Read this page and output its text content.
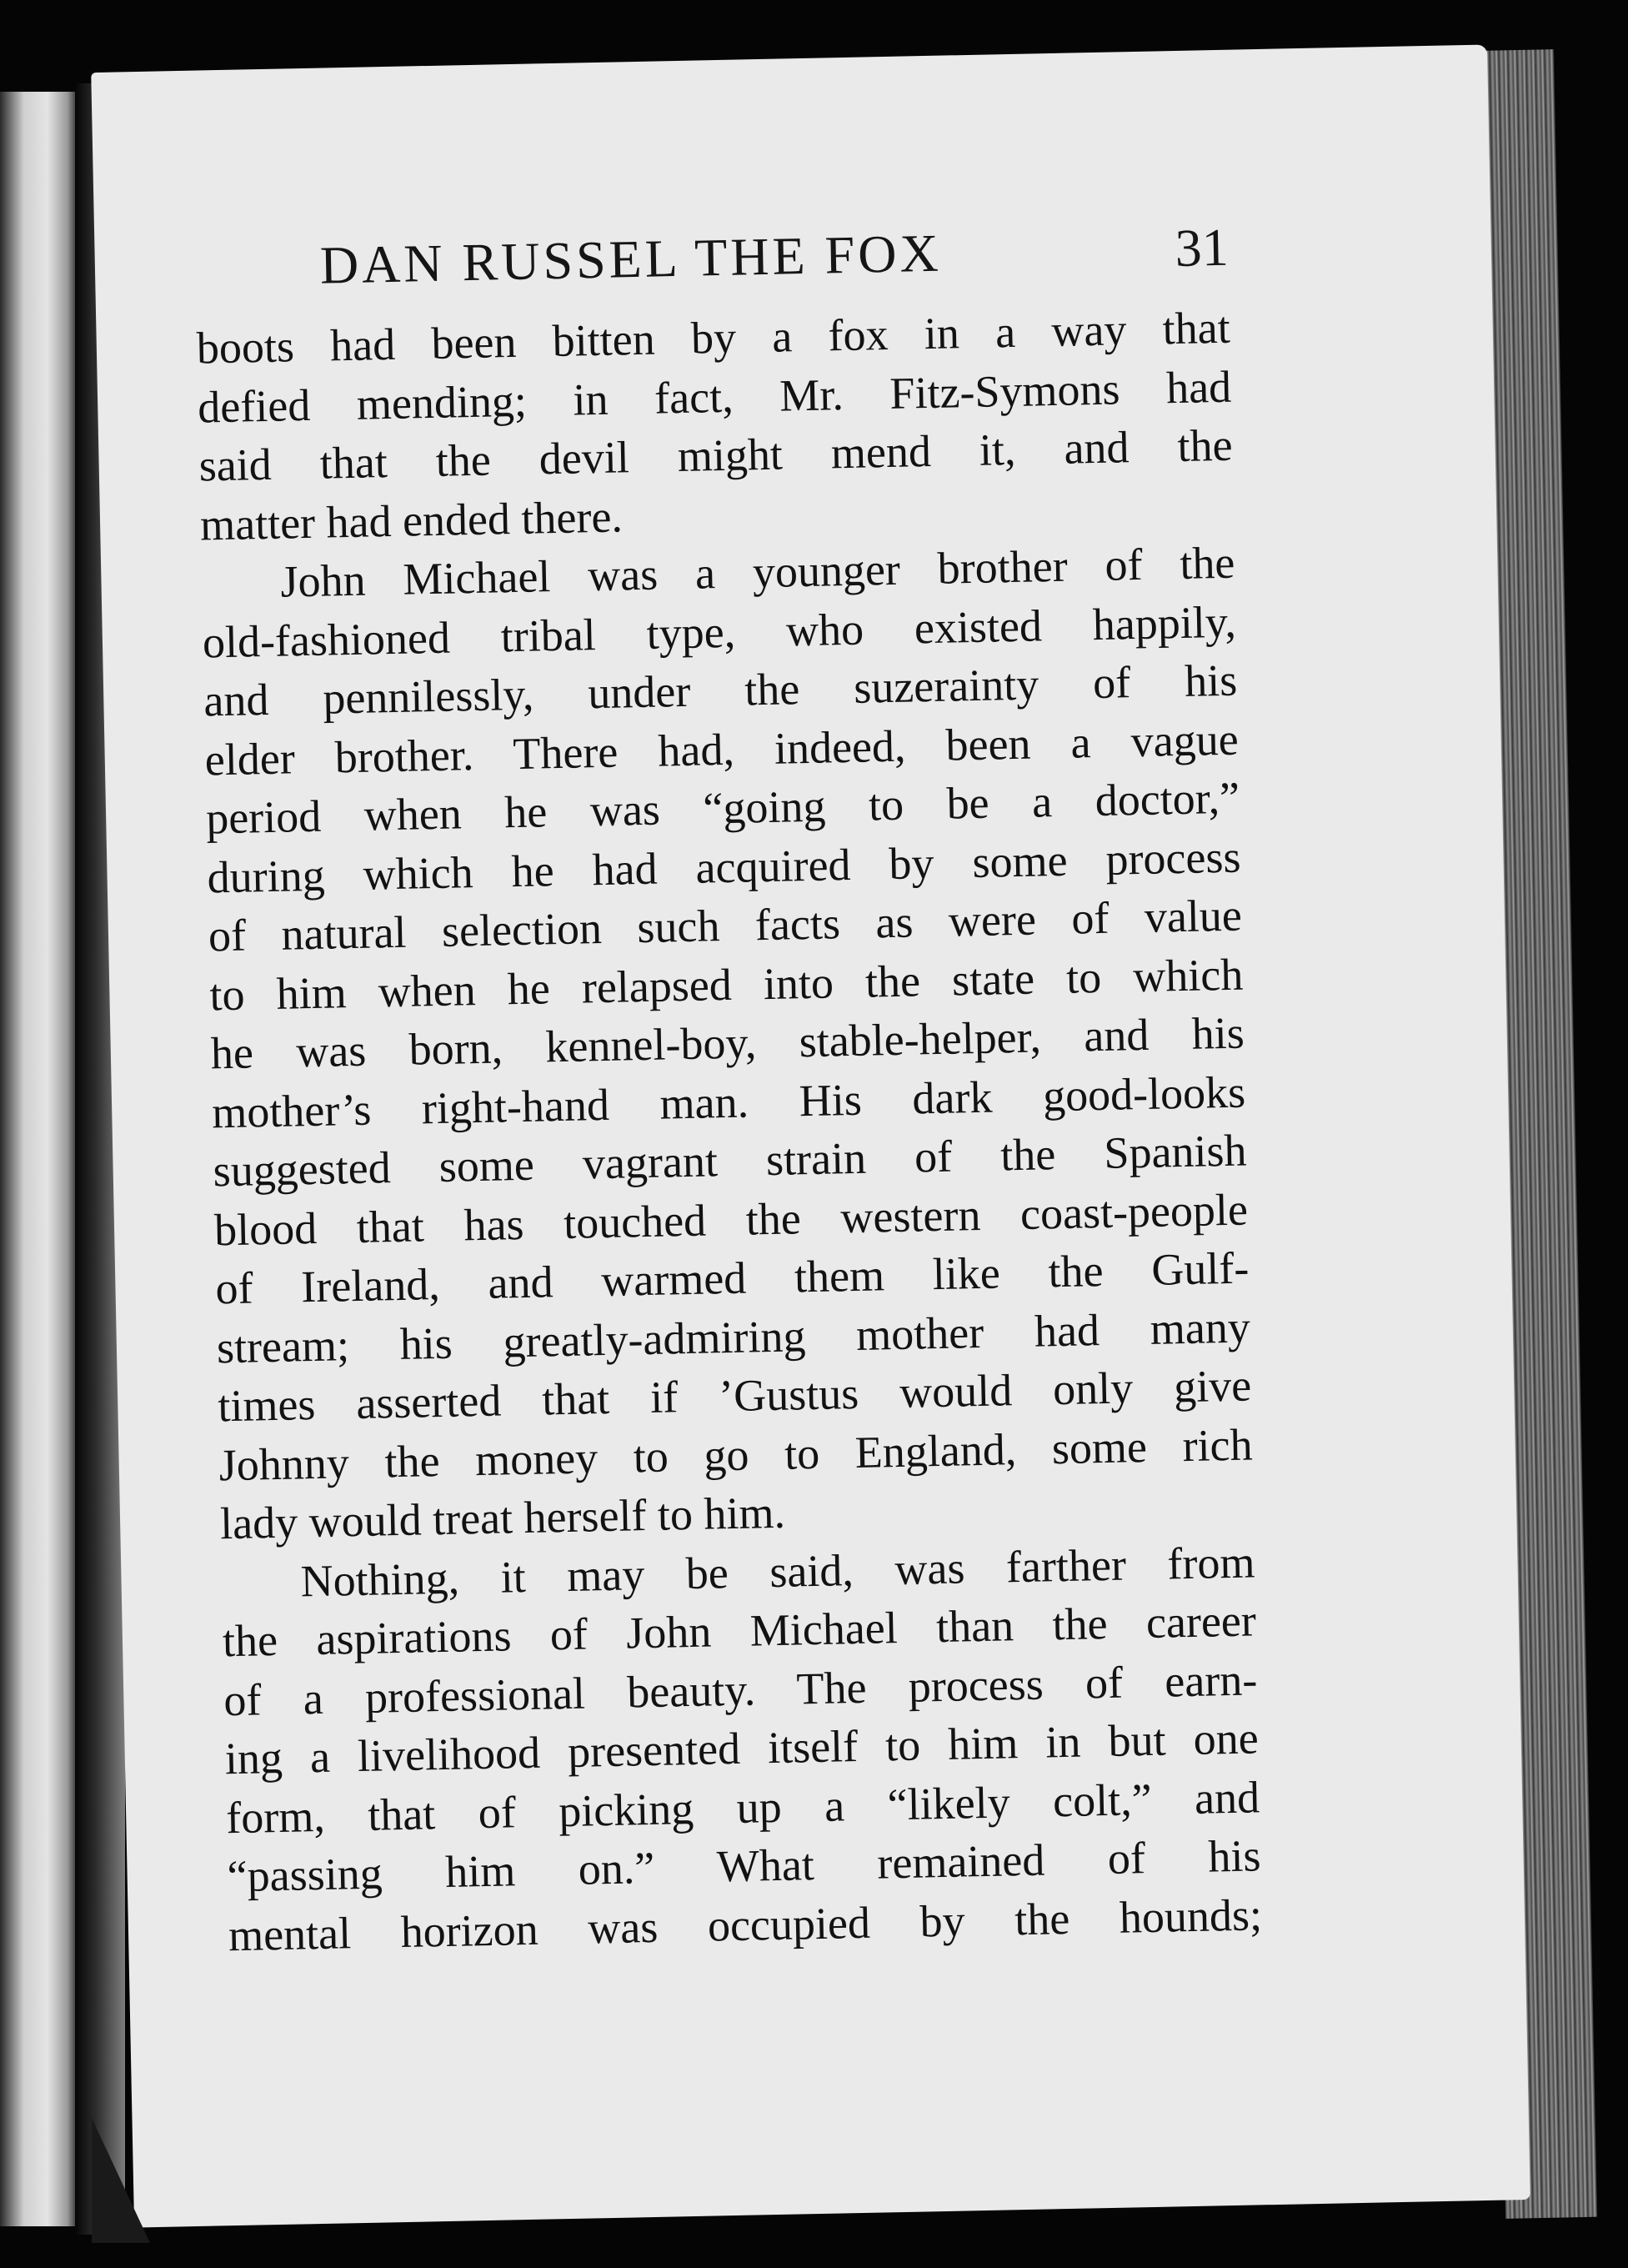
DAN RUSSEL THE FOX	31
boots had been bitten by a fox in a way that
defied mending; in fact, Mr. Fitz-Symons had
said that the devil might mend it, and the
matter had ended there.
John Michael was a younger brother of the
old-fashioned tribal type, who existed happily,
and pennilessly, under the suzerainty of his
elder brother. There had, indeed, been a vague
period when he was “going to be a doctor,”
during which he had acquired by some process
of natural selection such facts as were of value
to him when he relapsed into the state to which
he was born, kennel-boy, stable-helper, and his
mother’s right-hand man. His dark good-looks
suggested some vagrant strain of the Spanish
blood that has touched the western coast-people
of Ireland, and warmed them like the Gulf-
stream; his greatly-admiring mother had many
times asserted that if ’Gustus would only give
Johnny the money to go to England, some rich
lady would treat herself to him.
Nothing, it may be said, was farther from
the aspirations of John Michael than the career
of a professional beauty. The process of earn-
ing a livelihood presented itself to him in but one
form, that of picking up a “likely colt,” and
“passing him on.” What remained of his
mental horizon was occupied by the hounds;
